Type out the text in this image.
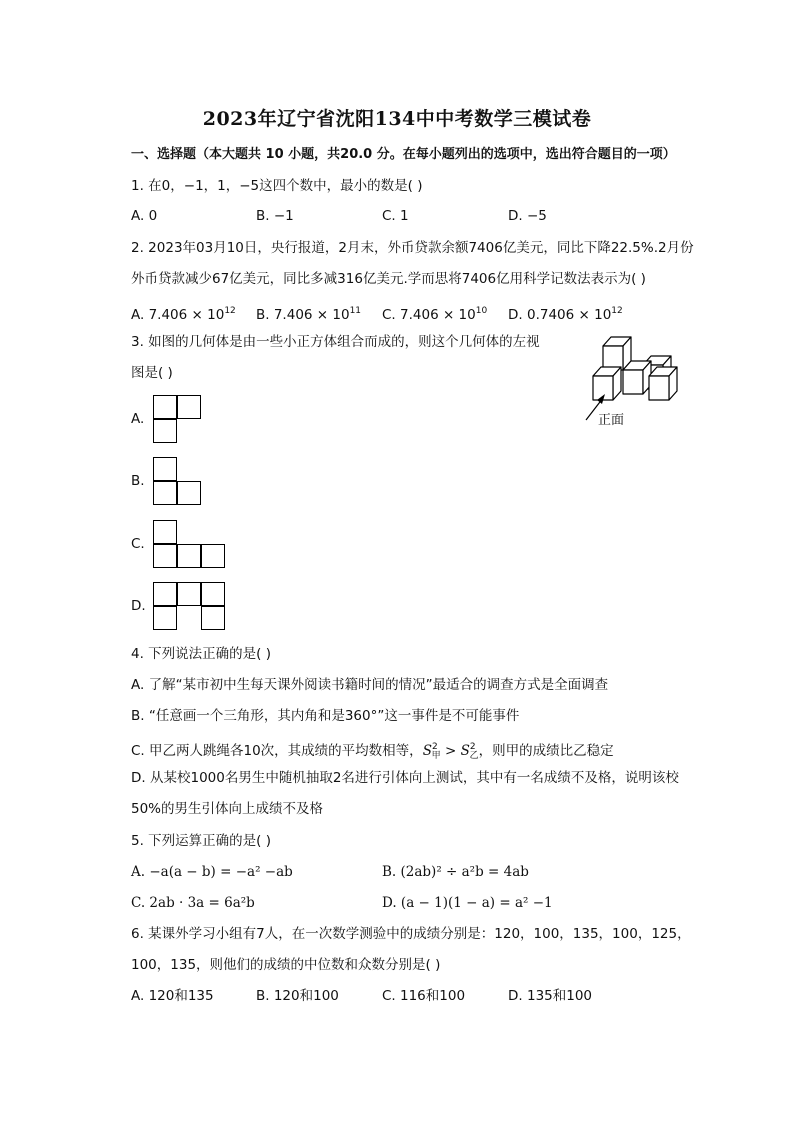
2023年辽宁省沈阳134中中考数学三模试卷
一、选择题（本大题共 10 小题，共20.0 分。在每小题列出的选项中，选出符合题目的一项）
1. 在0，−1，1，−5这四个数中，最小的数是( )
A. 0	B. −1	C. 1	D. −5
2. 2023年03月10日，央行报道，2月末，外币贷款余额7406亿美元，同比下降22.5%.2月份
外币贷款减少67亿美元，同比多减316亿美元.学而思将7406亿用科学记数法表示为( )
A. $7.406 \times 10^{12}$ B. $7.406 \times 10^{11}$ C. $7.406 \times 10^{10}$ D. $0.7406 \times 10^{12}$
3. 如图的几何体是由一些小正方体组合而成的，则这个几何体的左视
图是( )
正面
A.
B.
C.
D.
4. 下列说法正确的是( )
A. 了解“某市初中生每天课外阅读书籍时间的情况”最适合的调查方式是全面调查
B. “任意画一个三角形，其内角和是360°”这一事件是不可能事件
C. 甲乙两人跳绳各10次，其成绩的平均数相等，$S^2_甲 > S^2_乙$，则甲的成绩比乙稳定
D. 从某校1000名男生中随机抽取2名进行引体向上测试，其中有一名成绩不及格，说明该校
50%的男生引体向上成绩不及格
5. 下列运算正确的是( )
A. −a(a − b) = −a² −ab	B. (2ab)² ÷ a²b = 4ab
C. 2ab · 3a = 6a²b	D. (a − 1)(1 − a) = a² −1
6. 某课外学习小组有7人，在一次数学测验中的成绩分别是：120，100，135，100，125，
100，135，则他们的成绩的中位数和众数分别是( )
A. 120和135	B. 120和100	C. 116和100	D. 135和100
